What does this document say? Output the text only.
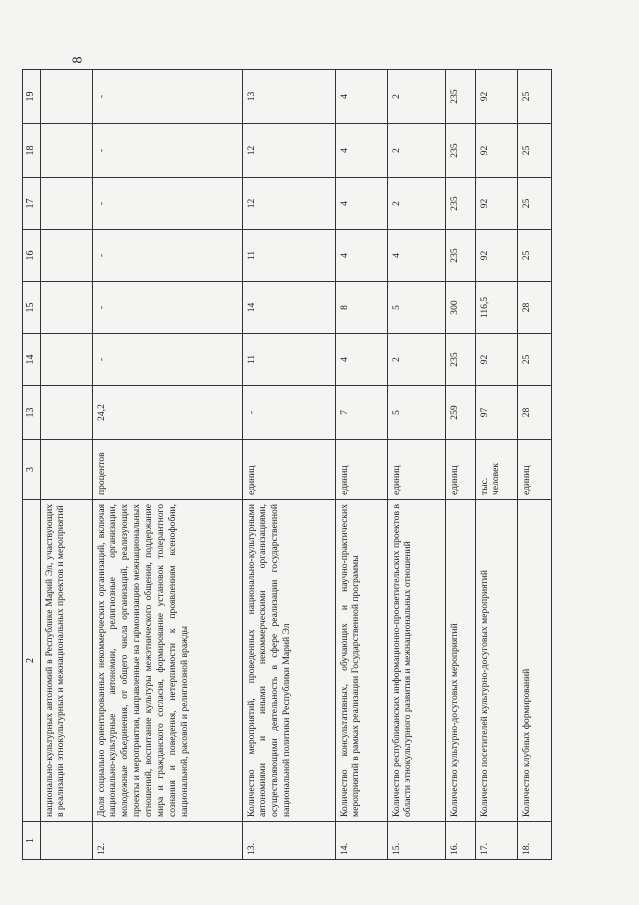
8
1	2	3	13	14	15	16	17	18	19
	национально-культурных автономий в Республике Марий Эл, участвующих в реализации этнокультурных и межнациональных проектов и мероприятий								
12.	Доля социально ориентированных некоммерческих организаций, включая национально-культурные автономии, религиозные организации, молодежные объединения, от общего числа организаций, реализующих проекты и мероприятия, направленные на гармонизацию межнациональных отношений, воспитание культуры межэтнического общения, поддержание мира и гражданского согласия, формирование установок толерантного сознания и поведения, нетерпимости к проявлениям ксенофобии, национальной, расовой и религиозной вражды	процентов	24,2	-	-	-	-	-	-
13.	Количество мероприятий, проведенных национально-культурными автономиями и иными некоммерческими организациями, осуществляющими деятельность в сфере реализации государственной национальной политики Республики Марий Эл	единиц	-	11	14	11	12	12	13
14.	Количество консультативных, обучающих и научно-практических мероприятий в рамках реализации Государственной программы	единиц	7	4	8	4	4	4	4
15.	Количество республиканских информационно-просветительских проектов в области этнокультурного развития и межнациональных отношений	единиц	5	2	5	4	2	2	2
16.	Количество культурно-досуговых мероприятий	единиц	259	235	300	235	235	235	235
17.	Количество посетителей культурно-досуговых мероприятий	тыс. человек	97	92	116,5	92	92	92	92
18.	Количество клубных формирований	единиц	28	25	28	25	25	25	25
